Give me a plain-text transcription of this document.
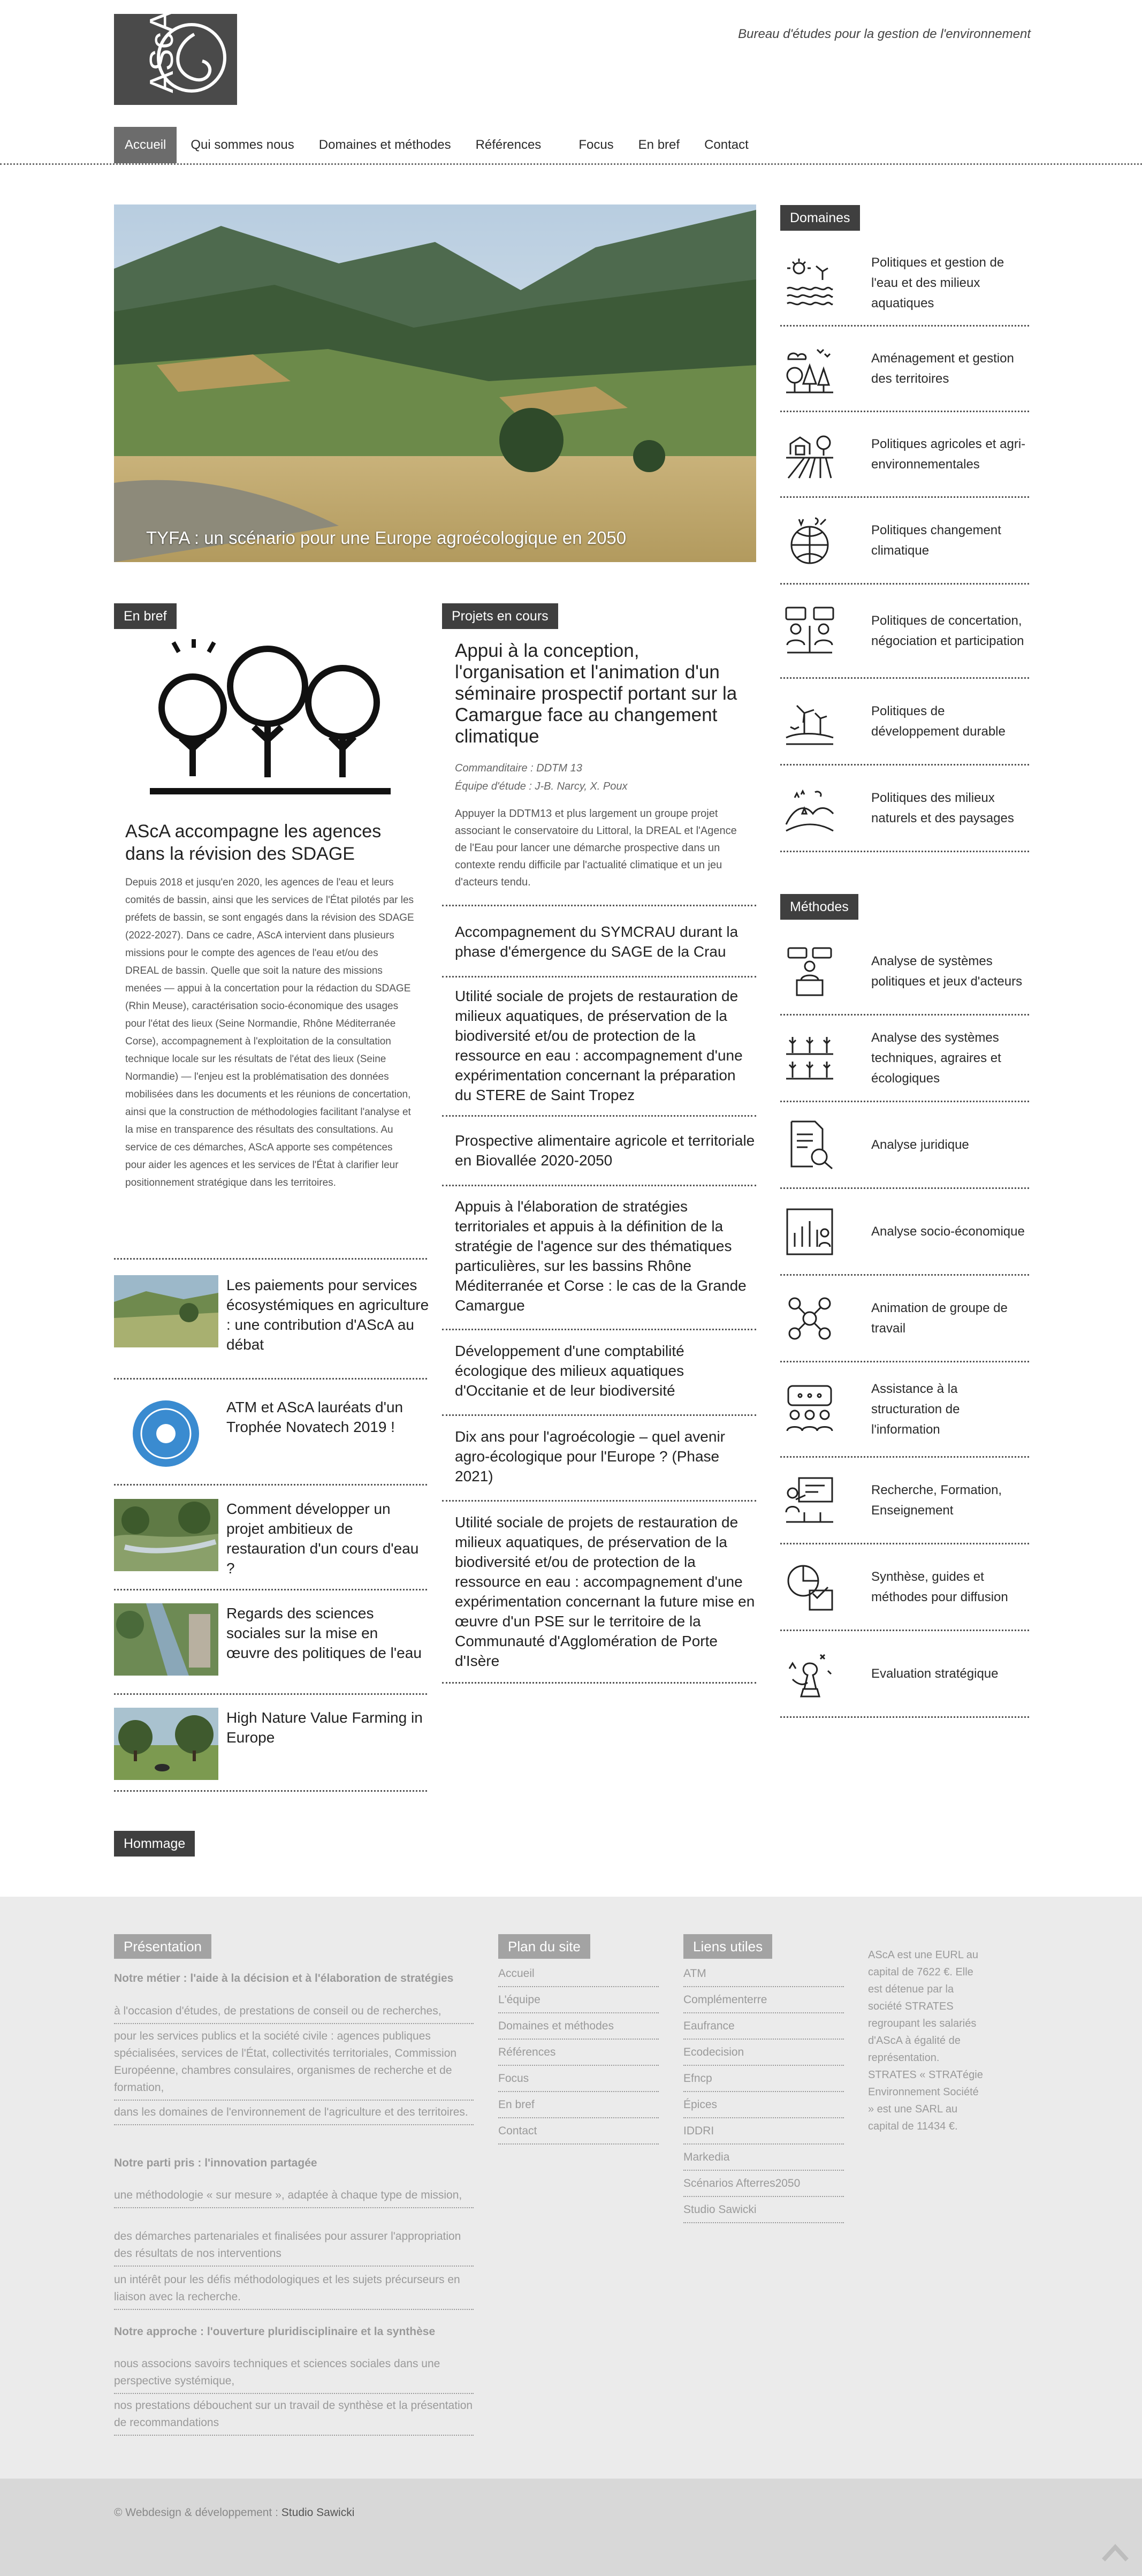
AScA	Bureau d'études pour la gestion de l'environnement
Accueil	Qui sommes nous	Domaines et méthodes	Références	Focus	En bref	Contact
TYFA : un scénario pour une Europe agroécologique en 2050
Domaines
Politiques et gestion de l'eau et des milieux aquatiques
Aménagement et gestion des territoires
Politiques agricoles et agri-environnementales
Politiques changement climatique
Politiques de concertation, négociation et participation
Politiques de développement durable
Politiques des milieux naturels et des paysages
Méthodes
Analyse de systèmes politiques et jeux d'acteurs
Analyse des systèmes techniques, agraires et écologiques
Analyse juridique
Analyse socio-économique
Animation de groupe de travail
Assistance à la structuration de l'information
Recherche, Formation, Enseignement
Synthèse, guides et méthodes pour diffusion
Evaluation stratégique
En bref
AScA accompagne les agences dans la révision des SDAGE
Depuis 2018 et jusqu'en 2020, les agences de l'eau et leurs comités de bassin, ainsi que les services de l'État pilotés par les préfets de bassin, se sont engagés dans la révision des SDAGE (2022-2027). Dans ce cadre, AScA intervient dans plusieurs missions pour le compte des agences de l'eau et/ou des DREAL de bassin. Quelle que soit la nature des missions menées — appui à la concertation pour la rédaction du SDAGE (Rhin Meuse), caractérisation socio-économique des usages pour l'état des lieux (Seine Normandie, Rhône Méditerranée Corse), accompagnement à l'exploitation de la consultation technique locale sur les résultats de l'état des lieux (Seine Normandie) — l'enjeu est la problématisation des données mobilisées dans les documents et les réunions de concertation, ainsi que la construction de méthodologies facilitant l'analyse et la mise en transparence des résultats des consultations. Au service de ces démarches, AScA apporte ses compétences pour aider les agences et les services de l'État à clarifier leur positionnement stratégique dans les territoires.
Les paiements pour services écosystémiques en agriculture : une contribution d'AScA au débat
ATM et AScA lauréats d'un Trophée Novatech 2019 !
Comment développer un projet ambitieux de restauration d'un cours d'eau ?
Regards des sciences sociales sur la mise en œuvre des politiques de l'eau
High Nature Value Farming in Europe
Projets en cours
Appui à la conception, l'organisation et l'animation d'un séminaire prospectif portant sur la Camargue face au changement climatique
Commanditaire : DDTM 13
Équipe d'étude : J-B. Narcy, X. Poux
Appuyer la DDTM13 et plus largement un groupe projet associant le conservatoire du Littoral, la DREAL et l'Agence de l'Eau pour lancer une démarche prospective dans un contexte rendu difficile par l'actualité climatique et un jeu d'acteurs tendu.
Accompagnement du SYMCRAU durant la phase d'émergence du SAGE de la Crau
Utilité sociale de projets de restauration de milieux aquatiques, de préservation de la biodiversité et/ou de protection de la ressource en eau : accompagnement d'une expérimentation concernant la préparation du STERE de Saint Tropez
Prospective alimentaire agricole et territoriale en Biovallée 2020-2050
Appuis à l'élaboration de stratégies territoriales et appuis à la définition de la stratégie de l'agence sur des thématiques particulières, sur les bassins Rhône Méditerranée et Corse : le cas de la Grande Camargue
Développement d'une comptabilité écologique des milieux aquatiques d'Occitanie et de leur biodiversité
Dix ans pour l'agroécologie – quel avenir agro-écologique pour l'Europe ? (Phase 2021)
Utilité sociale de projets de restauration de milieux aquatiques, de préservation de la biodiversité et/ou de protection de la ressource en eau : accompagnement d'une expérimentation concernant la future mise en œuvre d'un PSE sur le territoire de la Communauté d'Agglomération de Porte d'Isère
Hommage
Présentation
Notre métier : l'aide à la décision et à l'élaboration de stratégies
à l'occasion d'études, de prestations de conseil ou de recherches,
pour les services publics et la société civile : agences publiques spécialisées, services de l'État, collectivités territoriales, Commission Européenne, chambres consulaires, organismes de recherche et de formation,
dans les domaines de l'environnement de l'agriculture et des territoires.
Notre parti pris : l'innovation partagée
une méthodologie « sur mesure », adaptée à chaque type de mission,
des démarches partenariales et finalisées pour assurer l'appropriation des résultats de nos interventions
un intérêt pour les défis méthodologiques et les sujets précurseurs en liaison avec la recherche.
Notre approche : l'ouverture pluridisciplinaire et la synthèse
nous associons savoirs techniques et sciences sociales dans une perspective systémique,
nos prestations débouchent sur un travail de synthèse et la présentation de recommandations
Plan du site
Accueil
L'équipe
Domaines et méthodes
Références
Focus
En bref
Contact
Liens utiles
ATM
Complémenterre
Eaufrance
Ecodecision
Efncp
Épices
IDDRI
Markedia
Scénarios Afterres2050
Studio Sawicki
AScA est une EURL au capital de 7622 €. Elle est détenue par la société STRATES regroupant les salariés d'AScA à égalité de représentation. STRATES « STRATégie Environnement Société » est une SARL au capital de 11434 €.
© Webdesign & développement : Studio Sawicki
